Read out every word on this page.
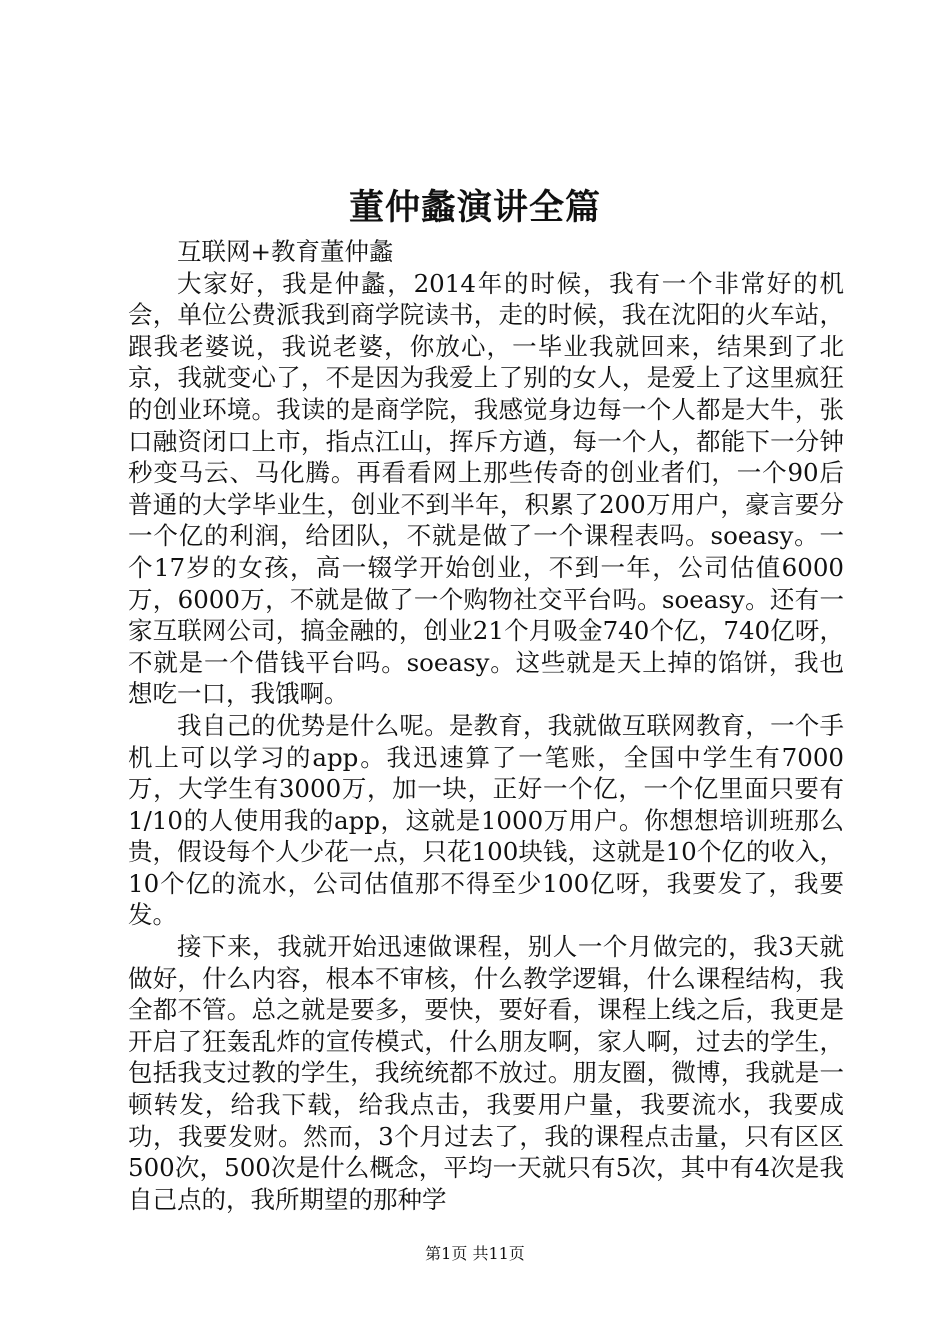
董仲蠡演讲全篇

互联网+教育董仲蠡

大家好，我是仲蠡，2014年的时候，我有一个非常好的机会，单位公费派我到商学院读书，走的时候，我在沈阳的火车站，跟我老婆说，我说老婆，你放心，一毕业我就回来，结果到了北京，我就变心了，不是因为我爱上了别的女人，是爱上了这里疯狂的创业环境。我读的是商学院，我感觉身边每一个人都是大牛，张口融资闭口上市，指点江山，挥斥方遒，每一个人，都能下一分钟秒变马云、马化腾。再看看网上那些传奇的创业者们，一个90后普通的大学毕业生，创业不到半年，积累了200万用户，豪言要分一个亿的利润，给团队，不就是做了一个课程表吗。soeasy。一个17岁的女孩，高一辍学开始创业，不到一年，公司估值6000万，6000万，不就是做了一个购物社交平台吗。soeasy。还有一家互联网公司，搞金融的，创业21个月吸金740个亿，740亿呀，不就是一个借钱平台吗。soeasy。这些就是天上掉的馅饼，我也想吃一口，我饿啊。

我自己的优势是什么呢。是教育，我就做互联网教育，一个手机上可以学习的app。我迅速算了一笔账，全国中学生有7000万，大学生有3000万，加一块，正好一个亿，一个亿里面只要有1/10的人使用我的app，这就是1000万用户。你想想培训班那么贵，假设每个人少花一点，只花100块钱，这就是10个亿的收入，10个亿的流水，公司估值那不得至少100亿呀，我要发了，我要发。

接下来，我就开始迅速做课程，别人一个月做完的，我3天就做好，什么内容，根本不审核，什么教学逻辑，什么课程结构，我全都不管。总之就是要多，要快，要好看，课程上线之后，我更是开启了狂轰乱炸的宣传模式，什么朋友啊，家人啊，过去的学生，包括我支过教的学生，我统统都不放过。朋友圈，微博，我就是一顿转发，给我下载，给我点击，我要用户量，我要流水，我要成功，我要发财。然而，3个月过去了，我的课程点击量，只有区区500次，500次是什么概念，平均一天就只有5次，其中有4次是我自己点的，我所期望的那种学

第1页 共11页
